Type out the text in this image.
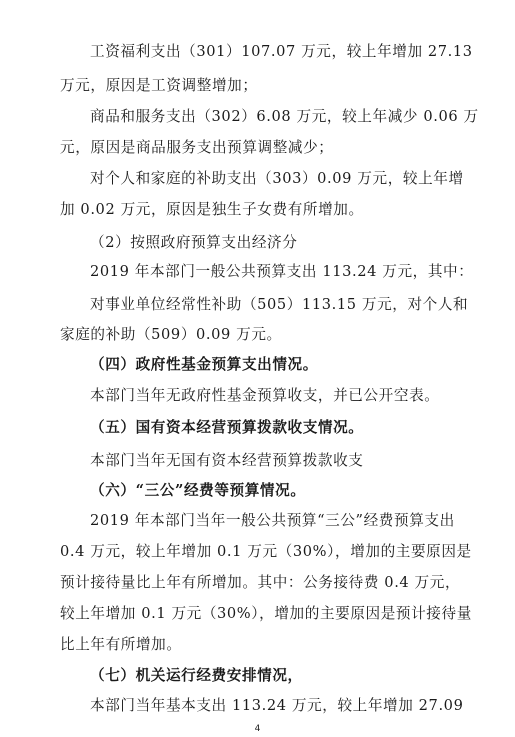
工资福利支出（301）107.07 万元，较上年增加 27.13
万元，原因是工资调整增加；
商品和服务支出（302）6.08 万元，较上年减少 0.06 万
元，原因是商品服务支出预算调整减少；
对个人和家庭的补助支出（303）0.09 万元，较上年增
加 0.02 万元，原因是独生子女费有所增加。
（2）按照政府预算支出经济分
2019 年本部门一般公共预算支出 113.24 万元，其中：
对事业单位经常性补助（505）113.15 万元，对个人和
家庭的补助（509）0.09 万元。
（四）政府性基金预算支出情况。
本部门当年无政府性基金预算收支，并已公开空表。
（五）国有资本经营预算拨款收支情况。
本部门当年无国有资本经营预算拨款收支
（六）“三公”经费等预算情况。
2019 年本部门当年一般公共预算“三公”经费预算支出
0.4 万元，较上年增加 0.1 万元（30%），增加的主要原因是
预计接待量比上年有所增加。其中：公务接待费 0.4 万元，
较上年增加 0.1 万元（30%），增加的主要原因是预计接待量
比上年有所增加。
（七）机关运行经费安排情况，
本部门当年基本支出 113.24 万元，较上年增加 27.09
4
